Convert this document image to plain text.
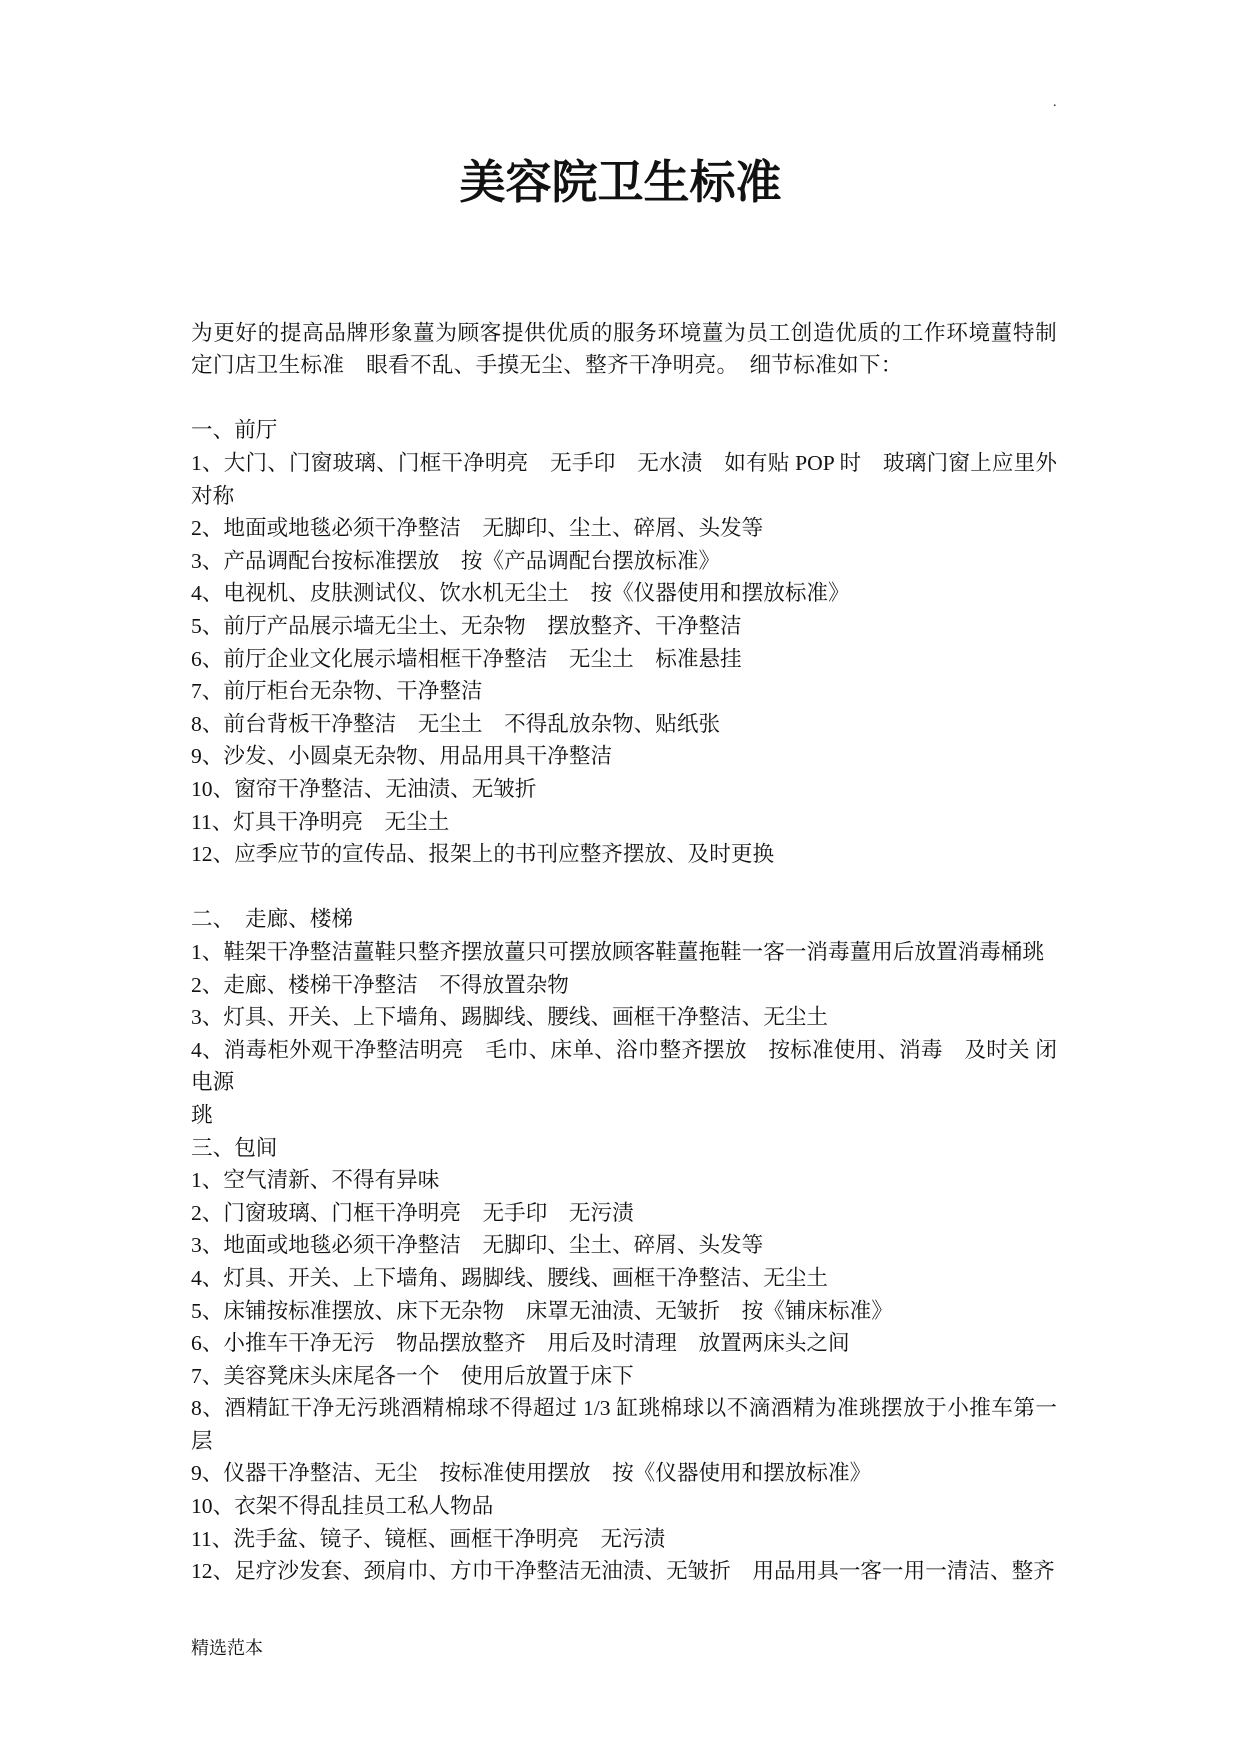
.
美容院卫生标准

为更好的提高品牌形象薑为顾客提供优质的服务环境薑为员工创造优质的工作环境薑特制定门店卫生标准　眼看不乱、手摸无尘、整齐干净明亮。　细节标准如下：

一、前厅

1、大门、门窗玻璃、门框干净明亮　无手印　无水渍　如有贴 POP 时　玻璃门窗上应里外对称

2、地面或地毯必须干净整洁　无脚印、尘土、碎屑、头发等

3、产品调配台按标准摆放　按《产品调配台摆放标准》

4、电视机、皮肤测试仪、饮水机无尘土　按《仪器使用和摆放标准》

5、前厅产品展示墙无尘土、无杂物　摆放整齐、干净整洁

6、前厅企业文化展示墙相框干净整洁　无尘土　标准悬挂

7、前厅柜台无杂物、干净整洁

8、前台背板干净整洁　无尘土　不得乱放杂物、贴纸张

9、沙发、小圆桌无杂物、用品用具干净整洁

10、窗帘干净整洁、无油渍、无皱折

11、灯具干净明亮　无尘土

12、应季应节的宣传品、报架上的书刊应整齐摆放、及时更换

二、  走廊、楼梯

1、鞋架干净整洁薑鞋只整齐摆放薑只可摆放顾客鞋薑拖鞋一客一消毒薑用后放置消毒桶珧

2、走廊、楼梯干净整洁　不得放置杂物

3、灯具、开关、上下墙角、踢脚线、腰线、画框干净整洁、无尘土

4、消毒柜外观干净整洁明亮　毛巾、床单、浴巾整齐摆放　按标准使用、消毒　及时关 闭电源

珧

三、包间

1、空气清新、不得有异味

2、门窗玻璃、门框干净明亮　无手印　无污渍

3、地面或地毯必须干净整洁　无脚印、尘土、碎屑、头发等

4、灯具、开关、上下墙角、踢脚线、腰线、画框干净整洁、无尘土

5、床铺按标准摆放、床下无杂物　床罩无油渍、无皱折　按《铺床标准》

6、小推车干净无污　物品摆放整齐　用后及时清理　放置两床头之间

7、美容凳床头床尾各一个　使用后放置于床下

8、酒精缸干净无污珧酒精棉球不得超过 1/3 缸珧棉球以不滴酒精为准珧摆放于小推车第一层

9、仪器干净整洁、无尘　按标准使用摆放　按《仪器使用和摆放标准》

10、衣架不得乱挂员工私人物品

11、洗手盆、镜子、镜框、画框干净明亮　无污渍

12、足疗沙发套、颈肩巾、方巾干净整洁无油渍、无皱折　用品用具一客一用一清洁、整齐

精选范本
